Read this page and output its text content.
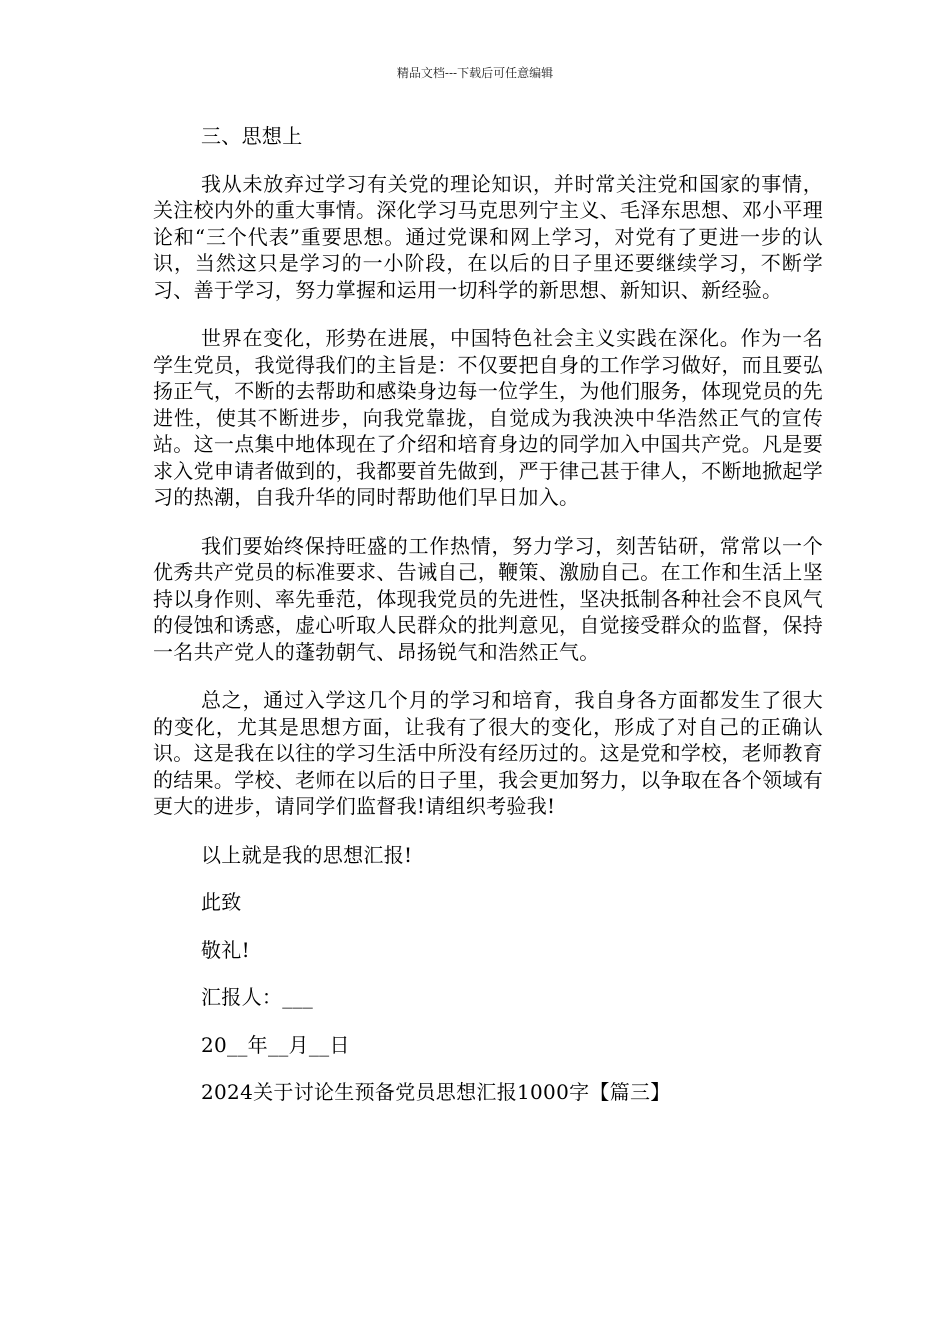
精品文档---下载后可任意编辑

三、思想上

我从未放弃过学习有关党的理论知识，并时常关注党和国家的事情，关注校内外的重大事情。深化学习马克思列宁主义、毛泽东思想、邓小平理论和“三个代表”重要思想。通过党课和网上学习，对党有了更进一步的认识，当然这只是学习的一小阶段，在以后的日子里还要继续学习，不断学习、善于学习，努力掌握和运用一切科学的新思想、新知识、新经验。

世界在变化，形势在进展，中国特色社会主义实践在深化。作为一名学生党员，我觉得我们的主旨是：不仅要把自身的工作学习做好，而且要弘扬正气，不断的去帮助和感染身边每一位学生，为他们服务，体现党员的先进性，使其不断进步，向我党靠拢，自觉成为我泱泱中华浩然正气的宣传站。这一点集中地体现在了介绍和培育身边的同学加入中国共产党。凡是要求入党申请者做到的，我都要首先做到，严于律己甚于律人，不断地掀起学习的热潮，自我升华的同时帮助他们早日加入。

我们要始终保持旺盛的工作热情，努力学习，刻苦钻研，常常以一个优秀共产党员的标准要求、告诫自己，鞭策、激励自己。在工作和生活上坚持以身作则、率先垂范，体现我党员的先进性，坚决抵制各种社会不良风气的侵蚀和诱惑，虚心听取人民群众的批判意见，自觉接受群众的监督，保持一名共产党人的蓬勃朝气、昂扬锐气和浩然正气。

总之，通过入学这几个月的学习和培育，我自身各方面都发生了很大的变化，尤其是思想方面，让我有了很大的变化，形成了对自己的正确认识。这是我在以往的学习生活中所没有经历过的。这是党和学校，老师教育的结果。学校、老师在以后的日子里，我会更加努力，以争取在各个领域有更大的进步，请同学们监督我!请组织考验我!

以上就是我的思想汇报!

此致

敬礼!

汇报人：___

20__年__月__日

2024关于讨论生预备党员思想汇报1000字【篇三】
